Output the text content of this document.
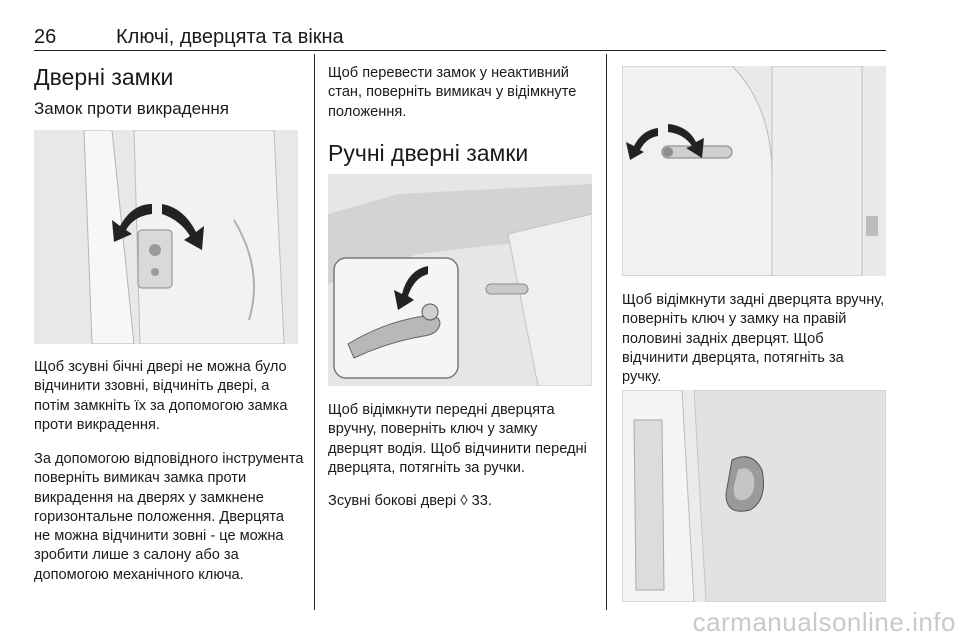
26	Ключі, дверцята та вікна
Дверні замки
Замок проти викрадення
Щоб зсувні бічні двері не можна було відчинити ззовні, відчиніть двері, а потім замкніть їх за допомогою замка проти викрадення.
За допомогою відповідного інструмента поверніть вимикач замка проти викрадення на дверях у замкнене горизонтальне положення. Дверцята не можна відчинити зовні - це можна зробити лише з салону або за допомогою механічного ключа.
Щоб перевести замок у неактивний стан, поверніть вимикач у відімкнуте положення.
Ручні дверні замки
Щоб відімкнути передні дверцята вручну, поверніть ключ у замку дверцят водія. Щоб відчинити передні дверцята, потягніть за ручки.
Зсувні бокові двері ◊ 33.
Щоб відімкнути задні дверцята вручну, поверніть ключ у замку на правій половині задніх дверцят. Щоб відчинити дверцята, потягніть за ручку.
carmanualsonline.info
